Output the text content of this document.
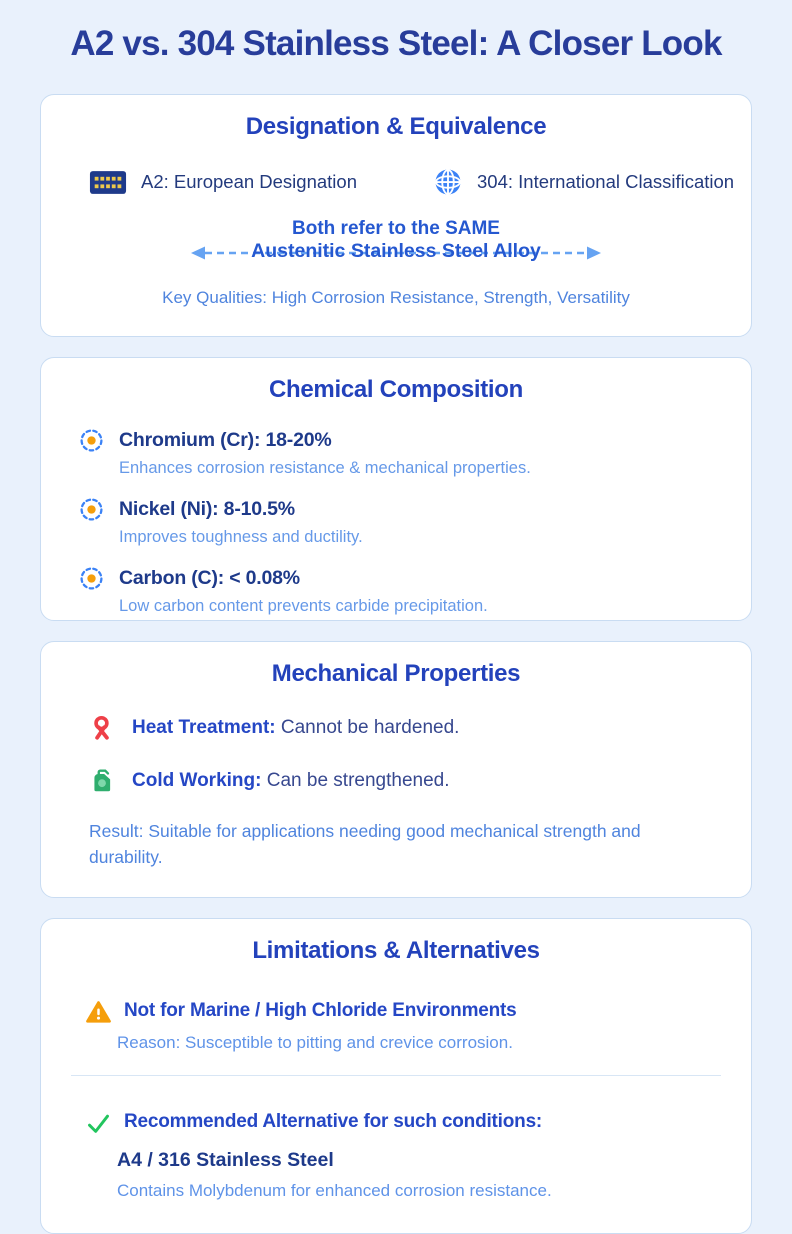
A2 vs. 304 Stainless Steel: A Closer Look
Designation & Equivalence
A2: European Designation	304: International Classification
Both refer to the SAME
Austenitic Stainless Steel Alloy
Key Qualities: High Corrosion Resistance, Strength, Versatility
Chemical Composition
Chromium (Cr): 18-20%
Enhances corrosion resistance & mechanical properties.
Nickel (Ni): 8-10.5%
Improves toughness and ductility.
Carbon (C): < 0.08%
Low carbon content prevents carbide precipitation.
Mechanical Properties
Heat Treatment: Cannot be hardened.
Cold Working: Can be strengthened.
Result: Suitable for applications needing good mechanical strength and durability.
Limitations & Alternatives
Not for Marine / High Chloride Environments
Reason: Susceptible to pitting and crevice corrosion.
Recommended Alternative for such conditions:
A4 / 316 Stainless Steel
Contains Molybdenum for enhanced corrosion resistance.
